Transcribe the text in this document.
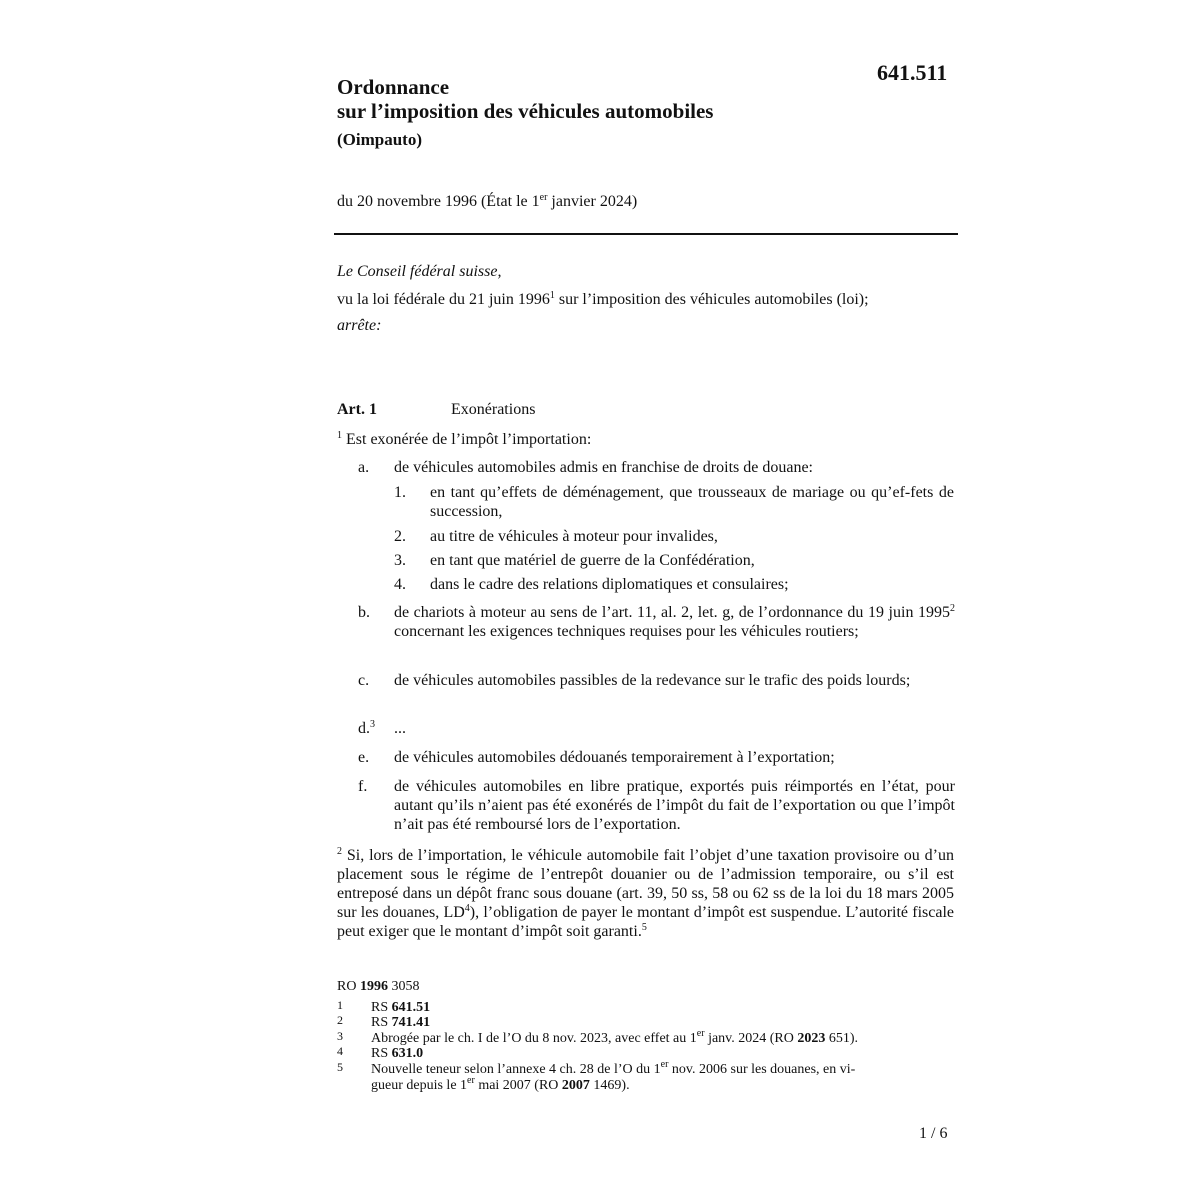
641.511
Ordonnance
sur l’imposition des véhicules automobiles
(Oimpauto)
du 20 novembre 1996 (État le 1er janvier 2024)
Le Conseil fédéral suisse,
vu la loi fédérale du 21 juin 1996$^1$ sur l’imposition des véhicules automobiles (loi);
arrête:
Art. 1	Exonérations
$^1$ Est exonérée de l’impôt l’importation:
a. de véhicules automobiles admis en franchise de droits de douane:
1. en tant qu’effets de déménagement, que trousseaux de mariage ou qu’ef-fets de succession,
2. au titre de véhicules à moteur pour invalides,
3. en tant que matériel de guerre de la Confédération,
4. dans le cadre des relations diplomatiques et consulaires;
b. de chariots à moteur au sens de l’art. 11, al. 2, let. g, de l’ordonnance du 19 juin 1995$^2$ concernant les exigences techniques requises pour les véhicules routiers;
c. de véhicules automobiles passibles de la redevance sur le trafic des poids lourds;
d.$^3$ ...
e. de véhicules automobiles dédouanés temporairement à l’exportation;
f. de véhicules automobiles en libre pratique, exportés puis réimportés en l’état, pour autant qu’ils n’aient pas été exonérés de l’impôt du fait de l’exportation ou que l’impôt n’ait pas été remboursé lors de l’exportation.
$^2$ Si, lors de l’importation, le véhicule automobile fait l’objet d’une taxation provisoire ou d’un placement sous le régime de l’entrepôt douanier ou de l’admission temporaire, ou s’il est entreposé dans un dépôt franc sous douane (art. 39, 50 ss, 58 ou 62 ss de la loi du 18 mars 2005 sur les douanes, $LD^4$), l’obligation de payer le montant d’impôt est suspendue. L’autorité fiscale peut exiger que le montant d’impôt soit garanti.$^5$
RO 1996 3058
1 RS 641.51
2 RS 741.41
3 Abrogée par le ch. I de l’O du 8 nov. 2023, avec effet au 1er janv. 2024 (RO 2023 651).
4 RS 631.0
5 Nouvelle teneur selon l’annexe 4 ch. 28 de l’O du 1er nov. 2006 sur les douanes, en vi-
gueur depuis le 1er mai 2007 (RO 2007 1469).
1 / 6
